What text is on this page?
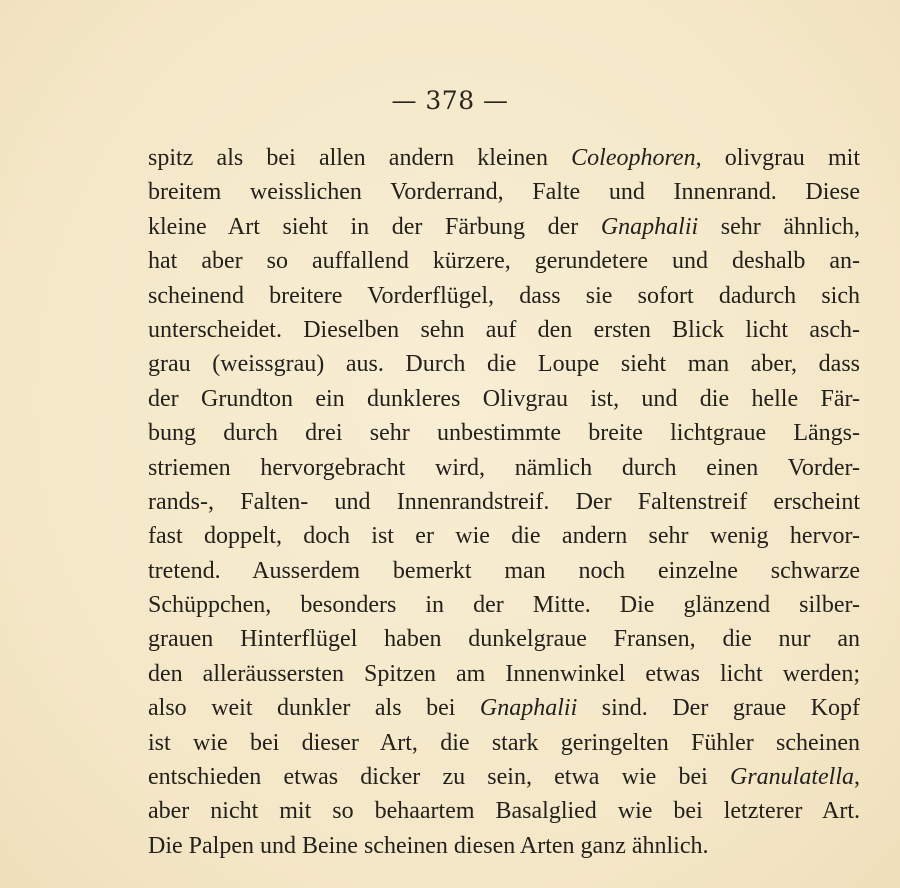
— 378 —
spitz als bei allen andern kleinen Coleophoren, olivgrau mit
breitem weisslichen Vorderrand, Falte und Innenrand. Diese
kleine Art sieht in der Färbung der Gnaphalii sehr ähnlich,
hat aber so auffallend kürzere, gerundetere und deshalb an-
scheinend breitere Vorderflügel, dass sie sofort dadurch sich
unterscheidet. Dieselben sehn auf den ersten Blick licht asch-
grau (weissgrau) aus. Durch die Loupe sieht man aber, dass
der Grundton ein dunkleres Olivgrau ist, und die helle Fär-
bung durch drei sehr unbestimmte breite lichtgraue Längs-
striemen hervorgebracht wird, nämlich durch einen Vorder-
rands-, Falten- und Innenrandstreif. Der Faltenstreif erscheint
fast doppelt, doch ist er wie die andern sehr wenig hervor-
tretend. Ausserdem bemerkt man noch einzelne schwarze
Schüppchen, besonders in der Mitte. Die glänzend silber-
grauen Hinterflügel haben dunkelgraue Fransen, die nur an
den alleräussersten Spitzen am Innenwinkel etwas licht werden;
also weit dunkler als bei Gnaphalii sind. Der graue Kopf
ist wie bei dieser Art, die stark geringelten Fühler scheinen
entschieden etwas dicker zu sein, etwa wie bei Granulatella,
aber nicht mit so behaartem Basalglied wie bei letzterer Art.
Die Palpen und Beine scheinen diesen Arten ganz ähnlich.
